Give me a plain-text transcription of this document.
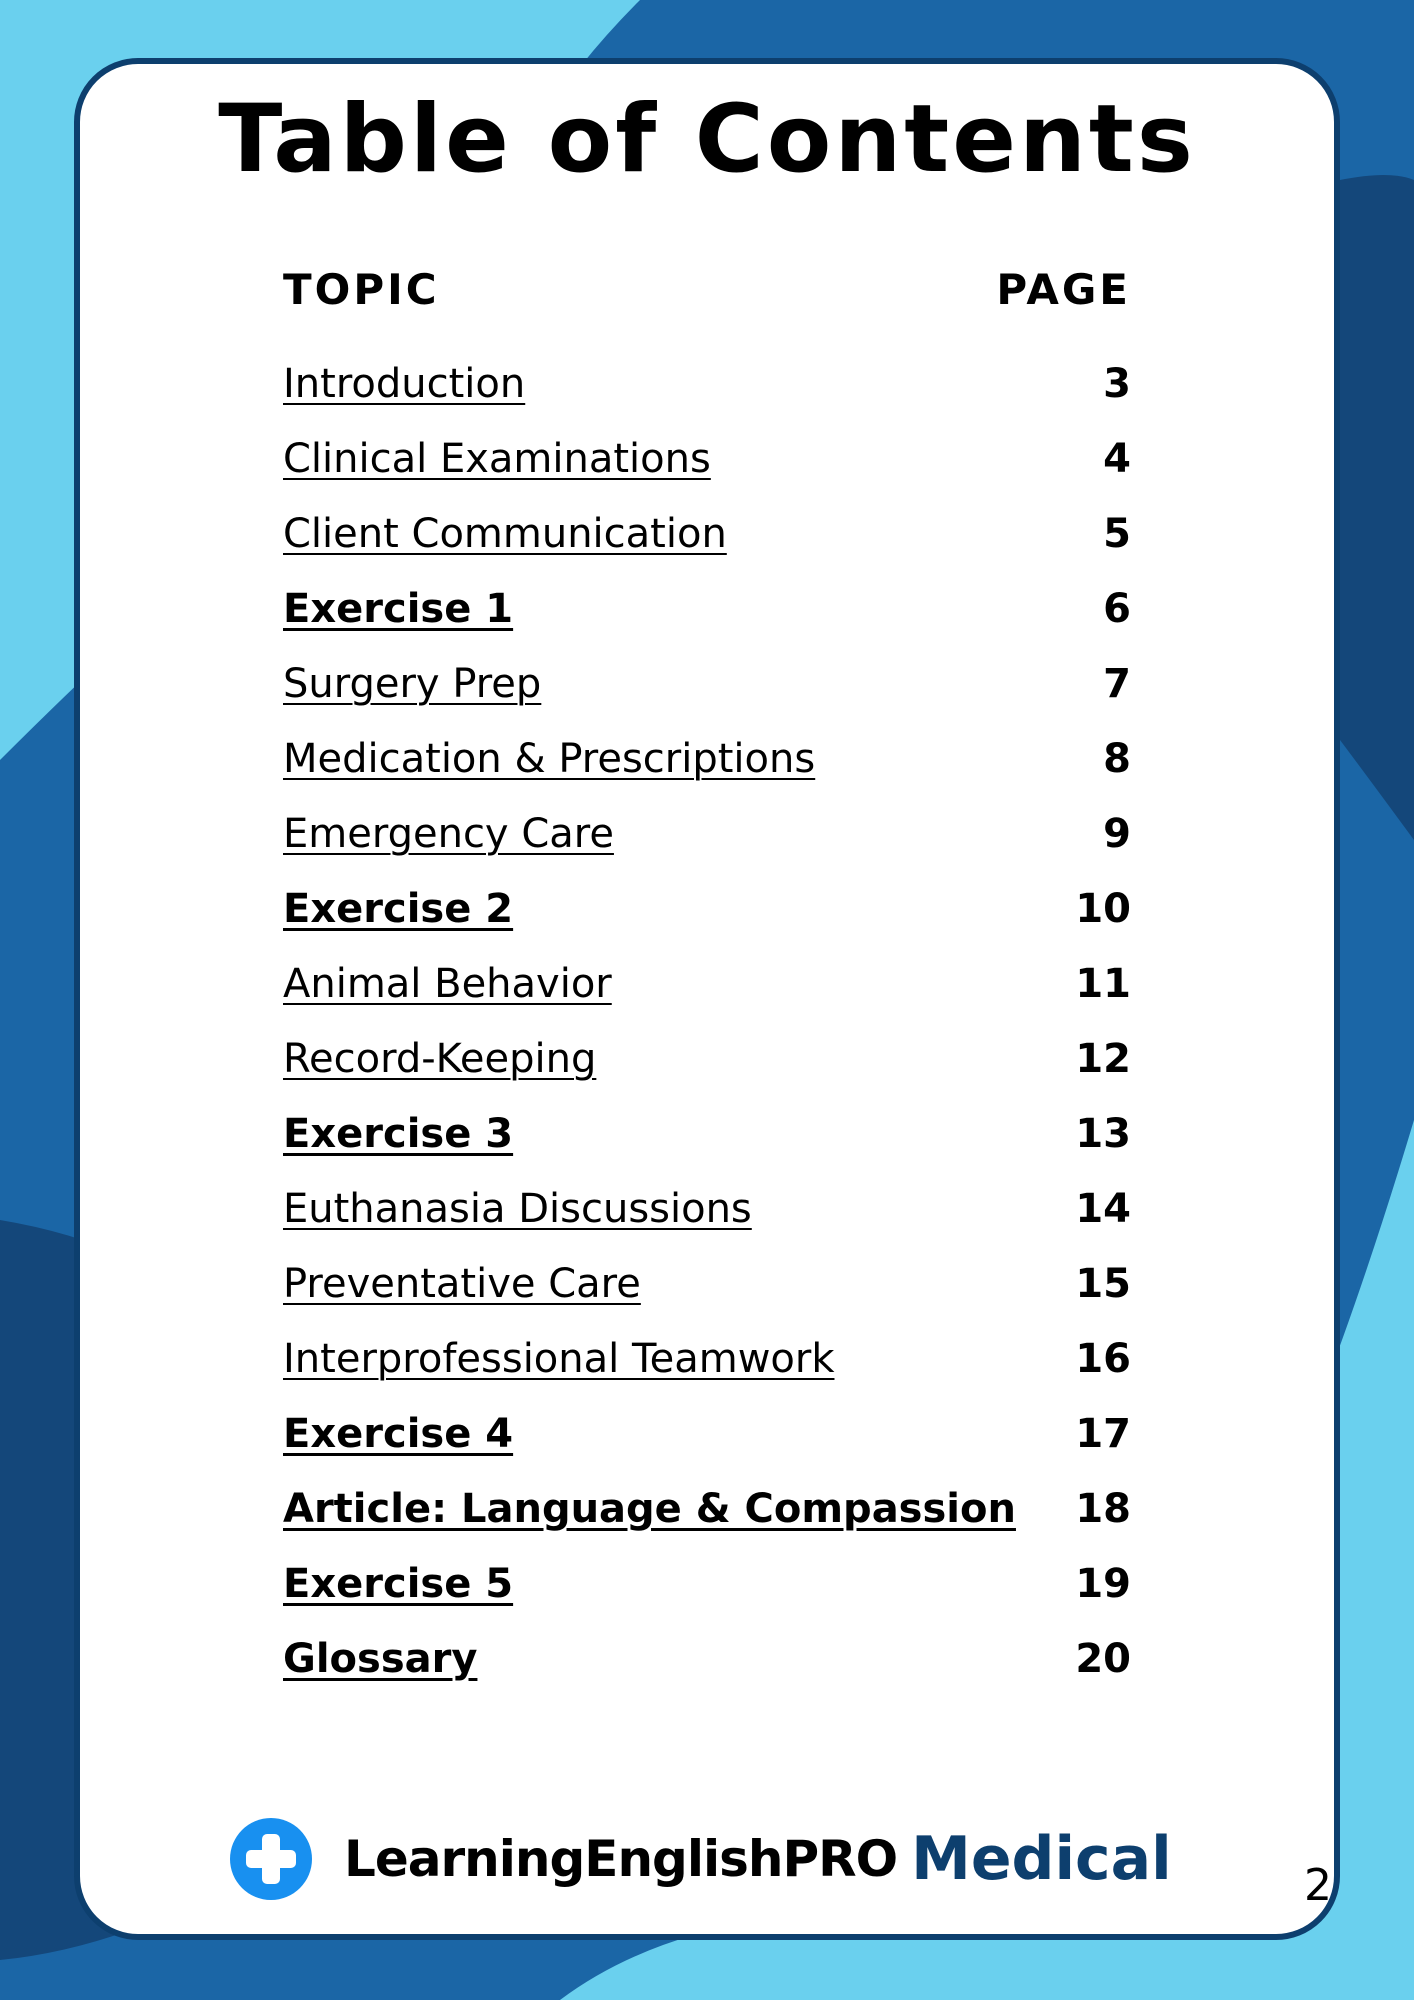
Table of Contents
TOPIC	PAGE
Introduction	3
Clinical Examinations	4
Client Communication	5
Exercise 1	6
Surgery Prep	7
Medication & Prescriptions	8
Emergency Care	9
Exercise 2	10
Animal Behavior	11
Record-Keeping	12
Exercise 3	13
Euthanasia Discussions	14
Preventative Care	15
Interprofessional Teamwork	16
Exercise 4	17
Article: Language & Compassion 18
Exercise 5	19
Glossary	20
LearningEnglishPRO Medical	2
